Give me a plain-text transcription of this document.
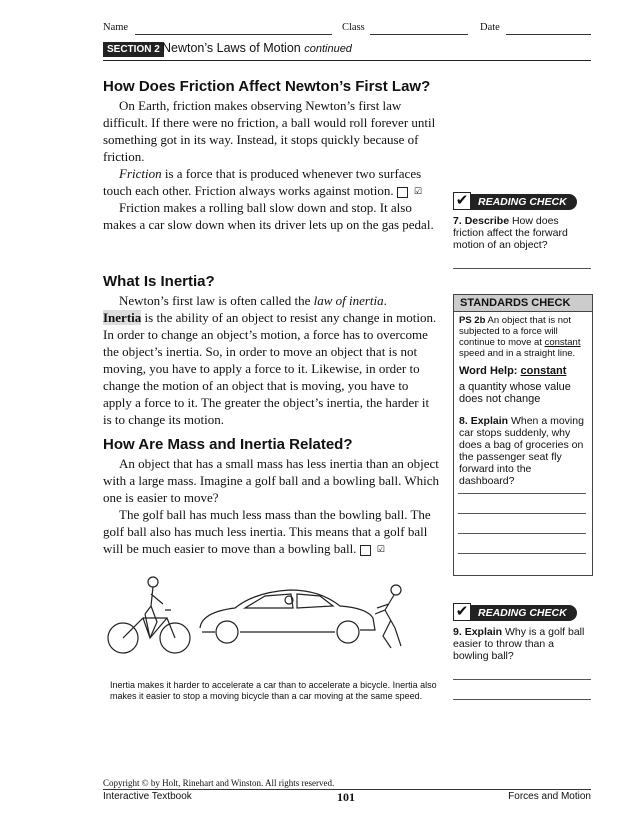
Name	Class	Date
SECTION 2 Newton’s Laws of Motion continued
How Does Friction Affect Newton’s First Law?

On Earth, friction makes observing Newton’s first law difficult. If there were no friction, a ball would roll forever until something got in its way. Instead, it stops quickly because of friction.

Friction is a force that is produced whenever two surfaces touch each other. Friction always works against motion. ☑

Friction makes a rolling ball slow down and stop. It also makes a car slow down when its driver lets up on the gas pedal.

What Is Inertia?

Newton’s first law is often called the law of inertia.

Inertia is the ability of an object to resist any change in motion. In order to change an object’s motion, a force has to overcome the object’s inertia. So, in order to move an object that is not moving, you have to apply a force to it. Likewise, in order to change the motion of an object that is moving, you have to apply a force to it. The greater the object’s inertia, the harder it is to change its motion.

How Are Mass and Inertia Related?

An object that has a small mass has less inertia than an object with a large mass. Imagine a golf ball and a bowling ball. Which one is easier to move?

The golf ball has much less mass than the bowling ball. The golf ball also has much less inertia. This means that a golf ball will be much easier to move than a bowling ball. ☑

Inertia makes it harder to accelerate a car than to accelerate a bicycle. Inertia also makes it easier to stop a moving bicycle than a car moving at the same speed.
READING CHECK
✔
7. Describe How does friction affect the forward motion of an object?
STANDARDS CHECK
PS 2b An object that is not subjected to a force will continue to move at constant speed and in a straight line.
Word Help: constant
a quantity whose value does not change
8. Explain When a moving car stops suddenly, why does a bag of groceries on the passenger seat fly forward into the dashboard?
READING CHECK
✔
9. Explain Why is a golf ball easier to throw than a bowling ball?
Copyright © by Holt, Rinehart and Winston. All rights reserved.
Interactive Textbook	101	Forces and Motion
